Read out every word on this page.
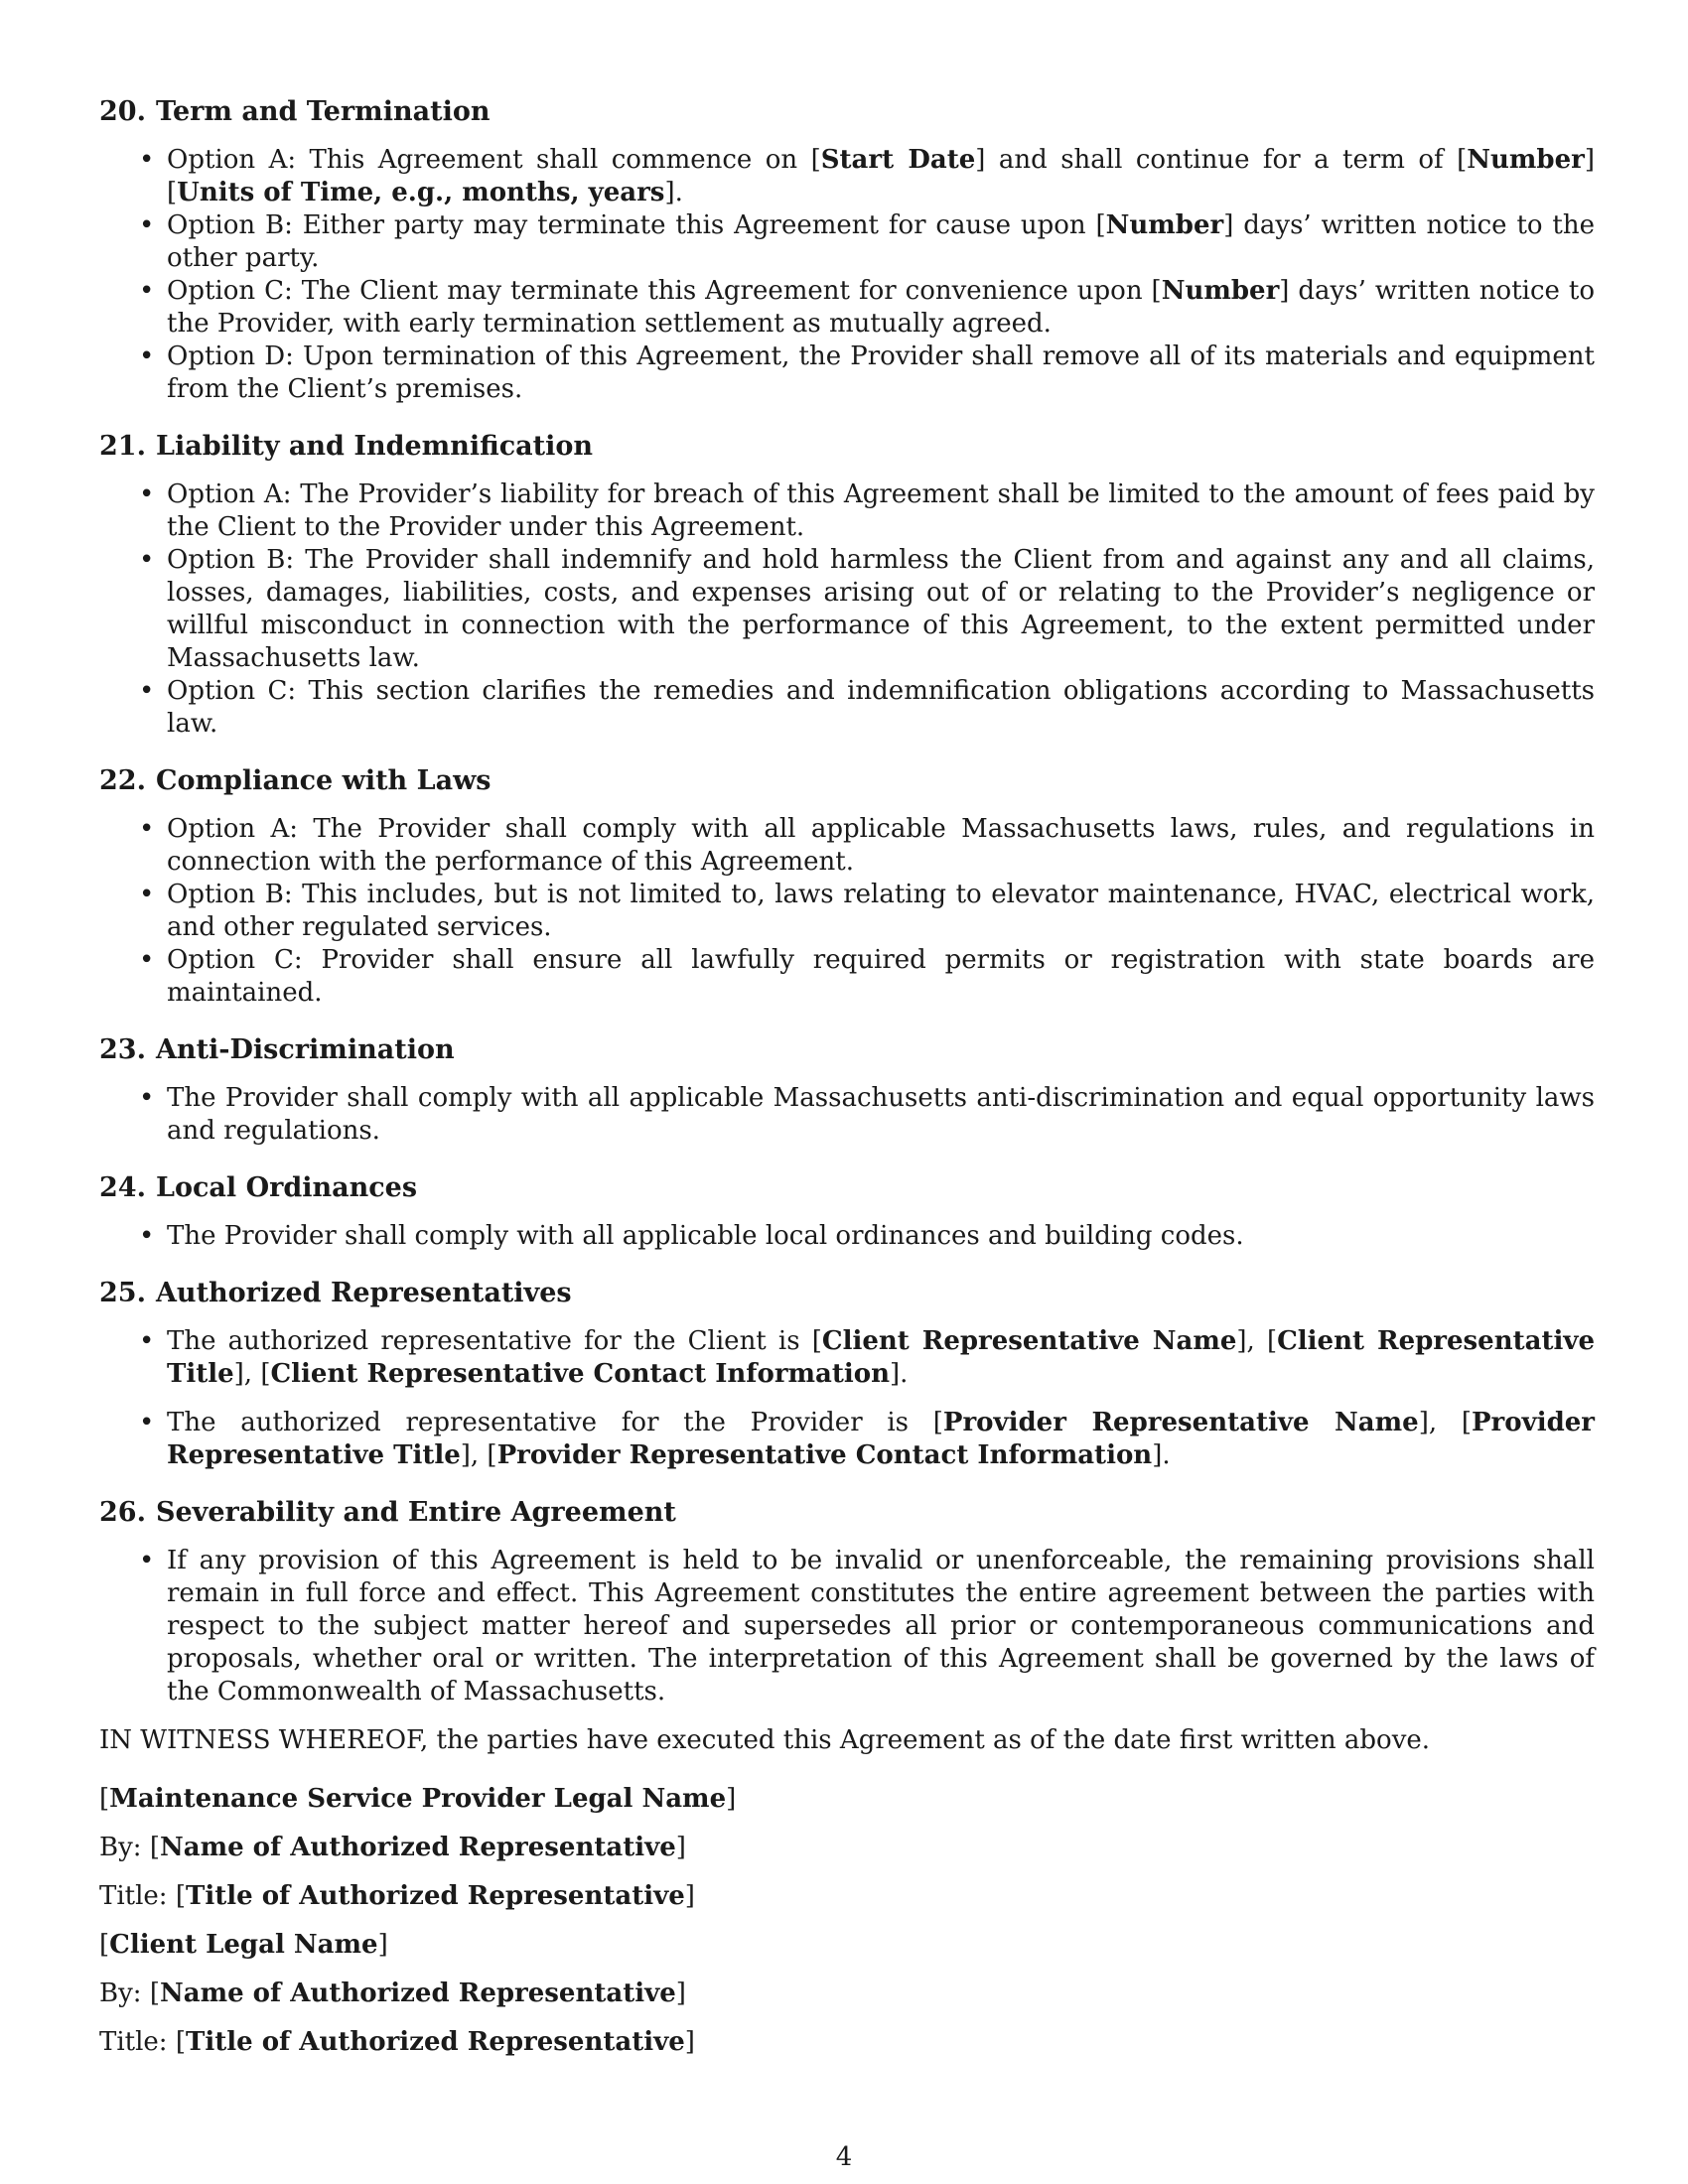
20. Term and Termination
• Option A: This Agreement shall commence on [Start Date] and shall continue for a term of [Number] [Units of Time, e.g., months, years].
• Option B: Either party may terminate this Agreement for cause upon [Number] days’ written notice to the other party.
• Option C: The Client may terminate this Agreement for convenience upon [Number] days’ written notice to the Provider, with early termination settlement as mutually agreed.
• Option D: Upon termination of this Agreement, the Provider shall remove all of its materials and equipment from the Client’s premises.
21. Liability and Indemnification
• Option A: The Provider’s liability for breach of this Agreement shall be limited to the amount of fees paid by the Client to the Provider under this Agreement.
• Option B: The Provider shall indemnify and hold harmless the Client from and against any and all claims, losses, damages, liabilities, costs, and expenses arising out of or relating to the Provider’s negligence or willful misconduct in connection with the performance of this Agreement, to the extent permitted under Massachusetts law.
• Option C: This section clarifies the remedies and indemnification obligations according to Massachusetts law.
22. Compliance with Laws
• Option A: The Provider shall comply with all applicable Massachusetts laws, rules, and regulations in connection with the performance of this Agreement.
• Option B: This includes, but is not limited to, laws relating to elevator maintenance, HVAC, electrical work, and other regulated services.
• Option C: Provider shall ensure all lawfully required permits or registration with state boards are maintained.
23. Anti-Discrimination
• The Provider shall comply with all applicable Massachusetts anti-discrimination and equal opportunity laws and regulations.
24. Local Ordinances
• The Provider shall comply with all applicable local ordinances and building codes.
25. Authorized Representatives
• The authorized representative for the Client is [Client Representative Name], [Client Representative Title], [Client Representative Contact Information].
• The authorized representative for the Provider is [Provider Representative Name], [Provider Representative Title], [Provider Representative Contact Information].
26. Severability and Entire Agreement
• If any provision of this Agreement is held to be invalid or unenforceable, the remaining provisions shall remain in full force and effect. This Agreement constitutes the entire agreement between the parties with respect to the subject matter hereof and supersedes all prior or contemporaneous communications and proposals, whether oral or written. The interpretation of this Agreement shall be governed by the laws of the Commonwealth of Massachusetts.

IN WITNESS WHEREOF, the parties have executed this Agreement as of the date first written above.

[Maintenance Service Provider Legal Name]

By: [Name of Authorized Representative]

Title: [Title of Authorized Representative]

[Client Legal Name]

By: [Name of Authorized Representative]

Title: [Title of Authorized Representative]

4
